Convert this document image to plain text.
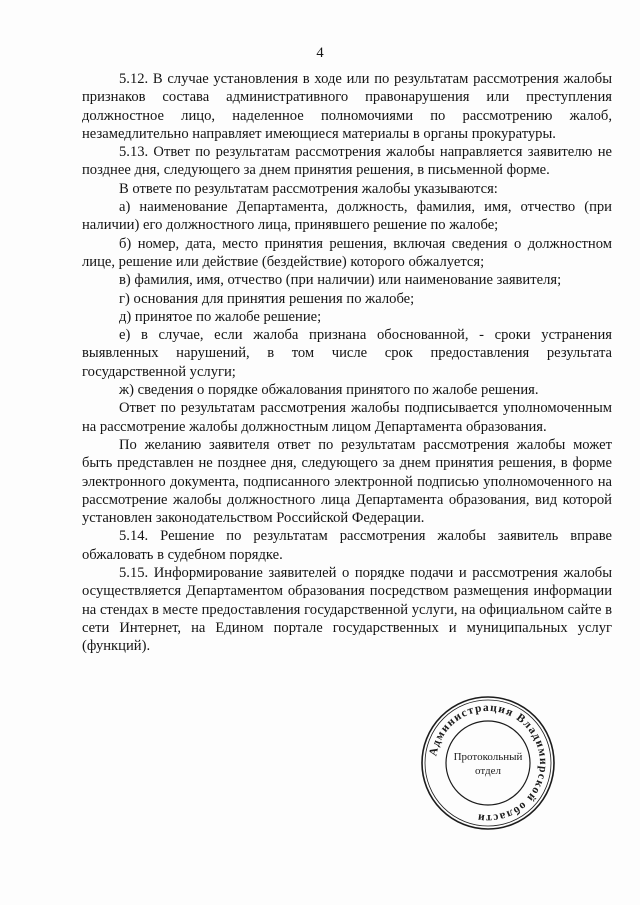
4

5.12. В случае установления в ходе или по результатам рассмотрения жалобы признаков состава административного правонарушения или преступления должностное лицо, наделенное полномочиями по рассмотрению жалоб, незамедлительно направляет имеющиеся материалы в органы прокуратуры.

5.13. Ответ по результатам рассмотрения жалобы направляется заявителю не позднее дня, следующего за днем принятия решения, в письменной форме.

В ответе по результатам рассмотрения жалобы указываются:

а) наименование Департамента, должность, фамилия, имя, отчество (при наличии) его должностного лица, принявшего решение по жалобе;

б) номер, дата, место принятия решения, включая сведения о должностном лице, решение или действие (бездействие) которого обжалуется;

в) фамилия, имя, отчество (при наличии) или наименование заявителя;

г) основания для принятия решения по жалобе;

д) принятое по жалобе решение;

е) в случае, если жалоба признана обоснованной, - сроки устранения выявленных нарушений, в том числе срок предоставления результата государственной услуги;

ж) сведения о порядке обжалования принятого по жалобе решения.

Ответ по результатам рассмотрения жалобы подписывается уполномоченным на рассмотрение жалобы должностным лицом Департамента образования.

По желанию заявителя ответ по результатам рассмотрения жалобы может быть представлен не позднее дня, следующего за днем принятия решения, в форме электронного документа, подписанного электронной подписью уполномоченного на рассмотрение жалобы должностного лица Департамента образования, вид которой установлен законодательством Российской Федерации.

5.14. Решение по результатам рассмотрения жалобы заявитель вправе обжаловать в судебном порядке.

5.15. Информирование заявителей о порядке подачи и рассмотрения жалобы осуществляется Департаментом образования посредством размещения информации на стендах в месте предоставления государственной услуги, на официальном сайте в сети Интернет, на Едином портале государственных и муниципальных услуг (функций).

Администрация Владимирской области
Протокольный
отдел
